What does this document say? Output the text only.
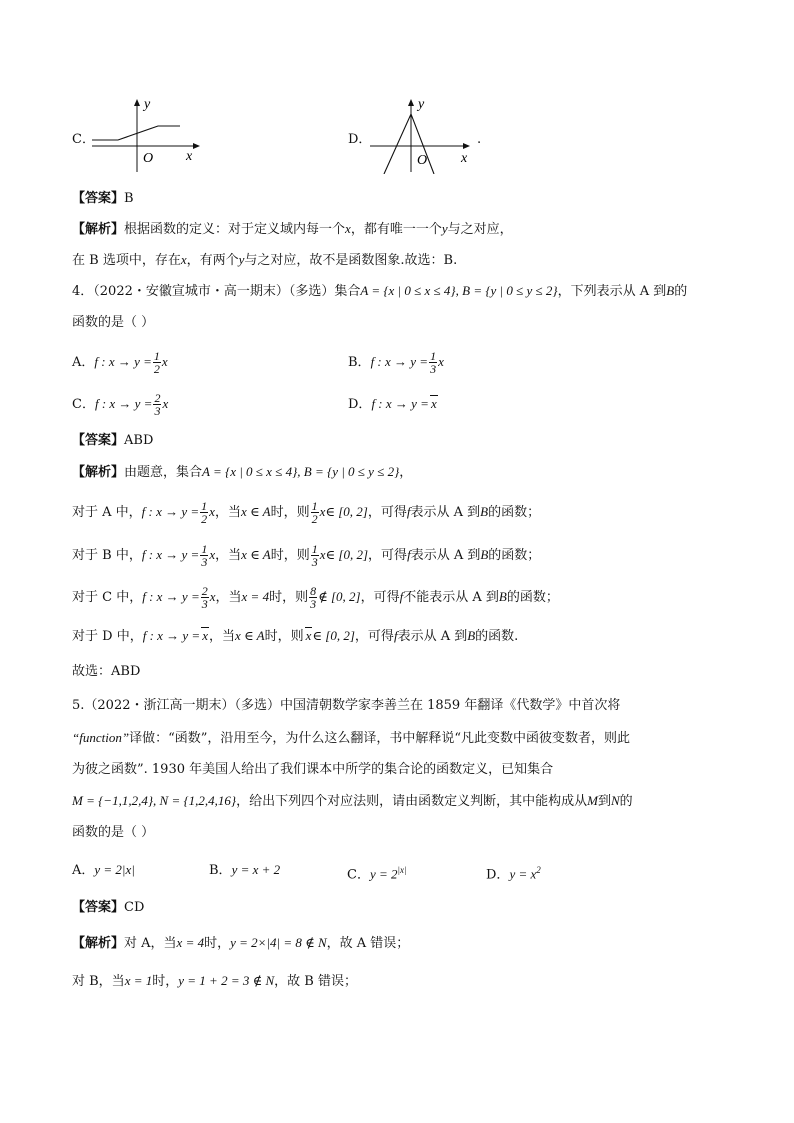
C．
y
x
O
D．
y
x
O
.
【答案】B
【解析】根据函数的定义：对于定义域内每一个x，都有唯一一个y与之对应，
在 B 选项中，存在x，有两个y与之对应，故不是函数图象.故选：B.
4．（2022・安徽宣城市・高一期末）（多选）集合A = {x | 0 ≤ x ≤ 4}, B = {y | 0 ≤ y ≤ 2}，下列表示从 A 到B的
函数的是（ ）
A．f : $x \to y = \frac{1}{2}$ x	B．f : $x \to y = \frac{1}{3}$ x
C．f : $x \to y = \frac{2}{3}$ x	D．f : x → y = x
【答案】ABD
【解析】由题意，集合A = {x | 0 ≤ x ≤ 4}, B = {y | 0 ≤ y ≤ 2}，
对于 A 中，f : $x \to y = \frac{1}{2}$ x，当x ∈ A时，则 $\frac{1}{2}$ x∈ [0, 2]，可得f表示从 A 到B的函数；
对于 B 中，f : $x \to y = \frac{1}{3}$ x，当x ∈ A时，则 $\frac{1}{3}$ x∈ [0, 2]，可得f表示从 A 到B的函数；
对于 C 中，f : $x \to y = \frac{2}{3}$ x，当x = 4时，则 $\frac{8}{3}$ ∉ [0, 2]，可得f不能表示从 A 到B的函数；
对于 D 中，f : x → y = x，当x ∈ A时，则 x∈ [0, 2]，可得f表示从 A 到B的函数.
故选：ABD
5.（2022・浙江高一期末）（多选）中国清朝数学家李善兰在 1859 年翻译《代数学》中首次将
“function”译做：“函数”，沿用至今，为什么这么翻译，书中解释说“凡此变数中函彼变数者，则此
为彼之函数”. 1930 年美国人给出了我们课本中所学的集合论的函数定义，已知集合
M = {−1,1,2,4}, N = {1,2,4,16}，给出下列四个对应法则，请由函数定义判断，其中能构成从M到N的
函数的是（ ）
A．y = 2|x|	B．y = x + 2	C．$y = 2^{|x|}$	D．$y = x^2$
【答案】CD
【解析】对 A，当x = 4时，y = 2×|4| = 8 ∉ N，故 A 错误；
对 B，当x = 1时，y = 1 + 2 = 3 ∉ N，故 B 错误；
